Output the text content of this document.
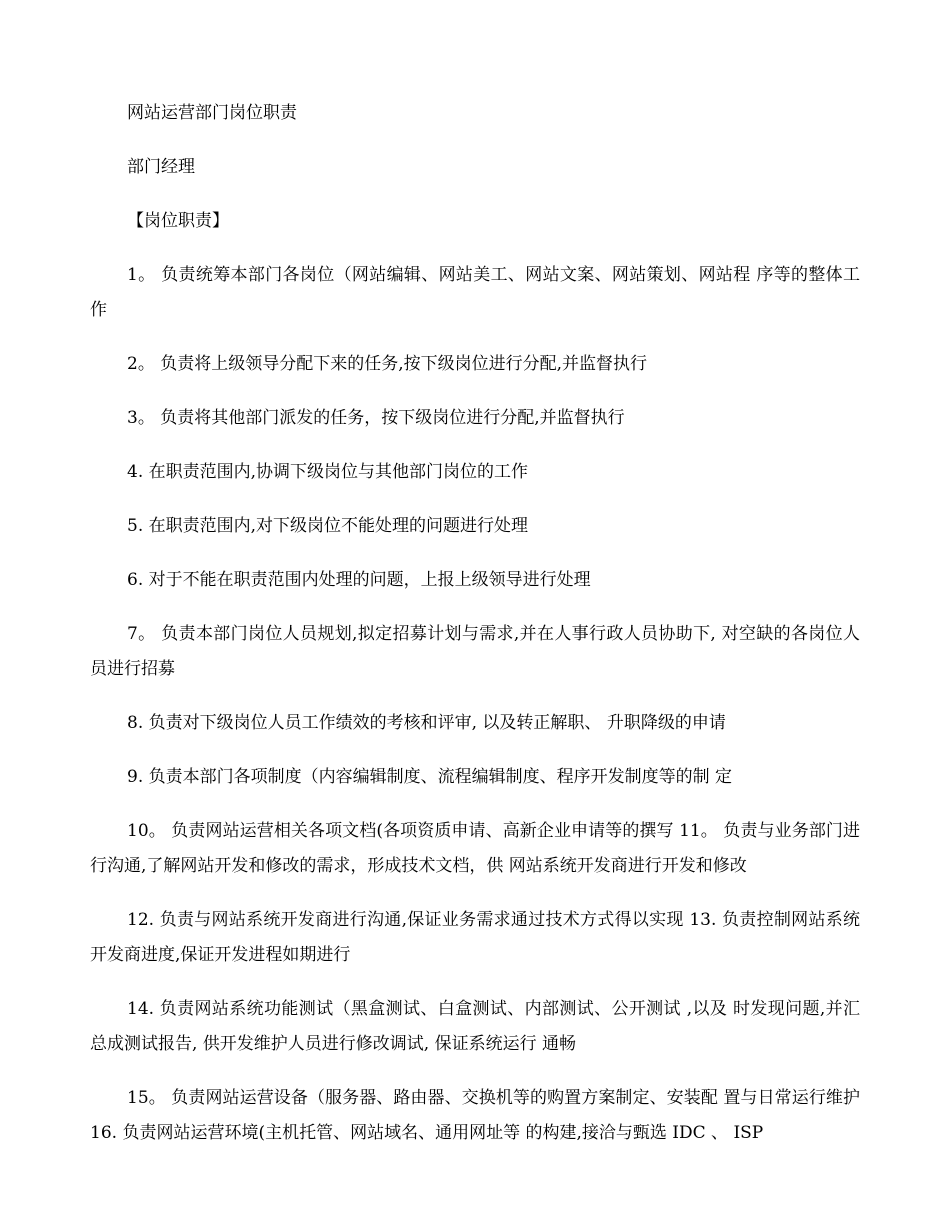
网站运营部门岗位职责

部门经理

【岗位职责】

1。 负责统筹本部门各岗位（网站编辑、网站美工、网站文案、网站策划、网站程 序等的整体工作

2。 负责将上级领导分配下来的任务,按下级岗位进行分配,并监督执行

3。 负责将其他部门派发的任务，按下级岗位进行分配,并监督执行

4. 在职责范围内,协调下级岗位与其他部门岗位的工作

5. 在职责范围内,对下级岗位不能处理的问题进行处理

6. 对于不能在职责范围内处理的问题，上报上级领导进行处理

7。 负责本部门岗位人员规划,拟定招募计划与需求,并在人事行政人员协助下, 对空缺的各岗位人员进行招募

8. 负责对下级岗位人员工作绩效的考核和评审, 以及转正解职、 升职降级的申请

9. 负责本部门各项制度（内容编辑制度、流程编辑制度、程序开发制度等的制 定

10。 负责网站运营相关各项文档(各项资质申请、高新企业申请等的撰写 11。 负责与业务部门进行沟通,了解网站开发和修改的需求，形成技术文档，供 网站系统开发商进行开发和修改

12. 负责与网站系统开发商进行沟通,保证业务需求通过技术方式得以实现 13. 负责控制网站系统开发商进度,保证开发进程如期进行

14. 负责网站系统功能测试（黑盒测试、白盒测试、内部测试、公开测试 ,以及 时发现问题,并汇总成测试报告, 供开发维护人员进行修改调试, 保证系统运行 通畅

15。 负责网站运营设备（服务器、路由器、交换机等的购置方案制定、安装配 置与日常运行维护 16. 负责网站运营环境(主机托管、网站域名、通用网址等 的构建,接洽与甄选 IDC 、 ISP
